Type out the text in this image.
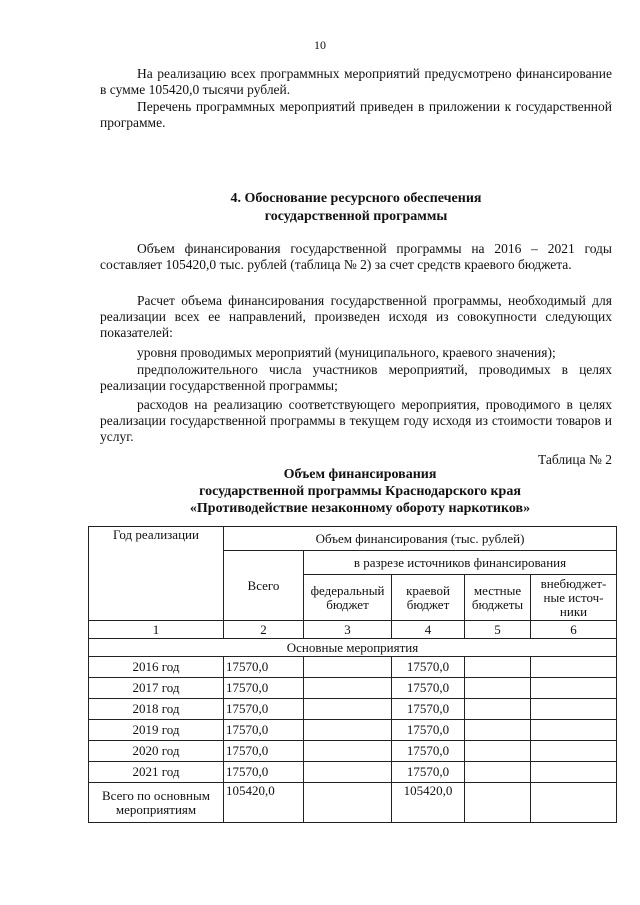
10
На реализацию всех программных мероприятий предусмотрено финансирование в сумме 105420,0 тысячи рублей.
Перечень программных мероприятий приведен в приложении к государственной программе.
4. Обоснование ресурсного обеспечения
государственной программы
Объем финансирования государственной программы на 2016 – 2021 годы составляет 105420,0 тыс. рублей (таблица № 2) за счет средств краевого бюджета.
Расчет объема финансирования государственной программы, необходимый для реализации всех ее направлений, произведен исходя из совокупности следующих показателей:
уровня проводимых мероприятий (муниципального, краевого значения);
предположительного числа участников мероприятий, проводимых в целях реализации государственной программы;
расходов на реализацию соответствующего мероприятия, проводимого в целях реализации государственной программы в текущем году исходя из стоимости товаров и услуг.
Таблица № 2
Объем финансирования
государственной программы Краснодарского края
«Противодействие незаконному обороту наркотиков»
Год реализации	Объем финансирования (тыс. рублей)				
	Всего	в разрезе источников финансирования			
		федеральный бюджет	краевой бюджет	местные бюджеты	внебюджет-ные источ-ники
1	2	3	4	5	6
Основные мероприятия					
2016 год	17570,0		17570,0		
2017 год	17570,0		17570,0		
2018 год	17570,0		17570,0		
2019 год	17570,0		17570,0		
2020 год	17570,0		17570,0		
2021 год	17570,0		17570,0		
Всего по основным мероприятиям	105420,0		105420,0		
